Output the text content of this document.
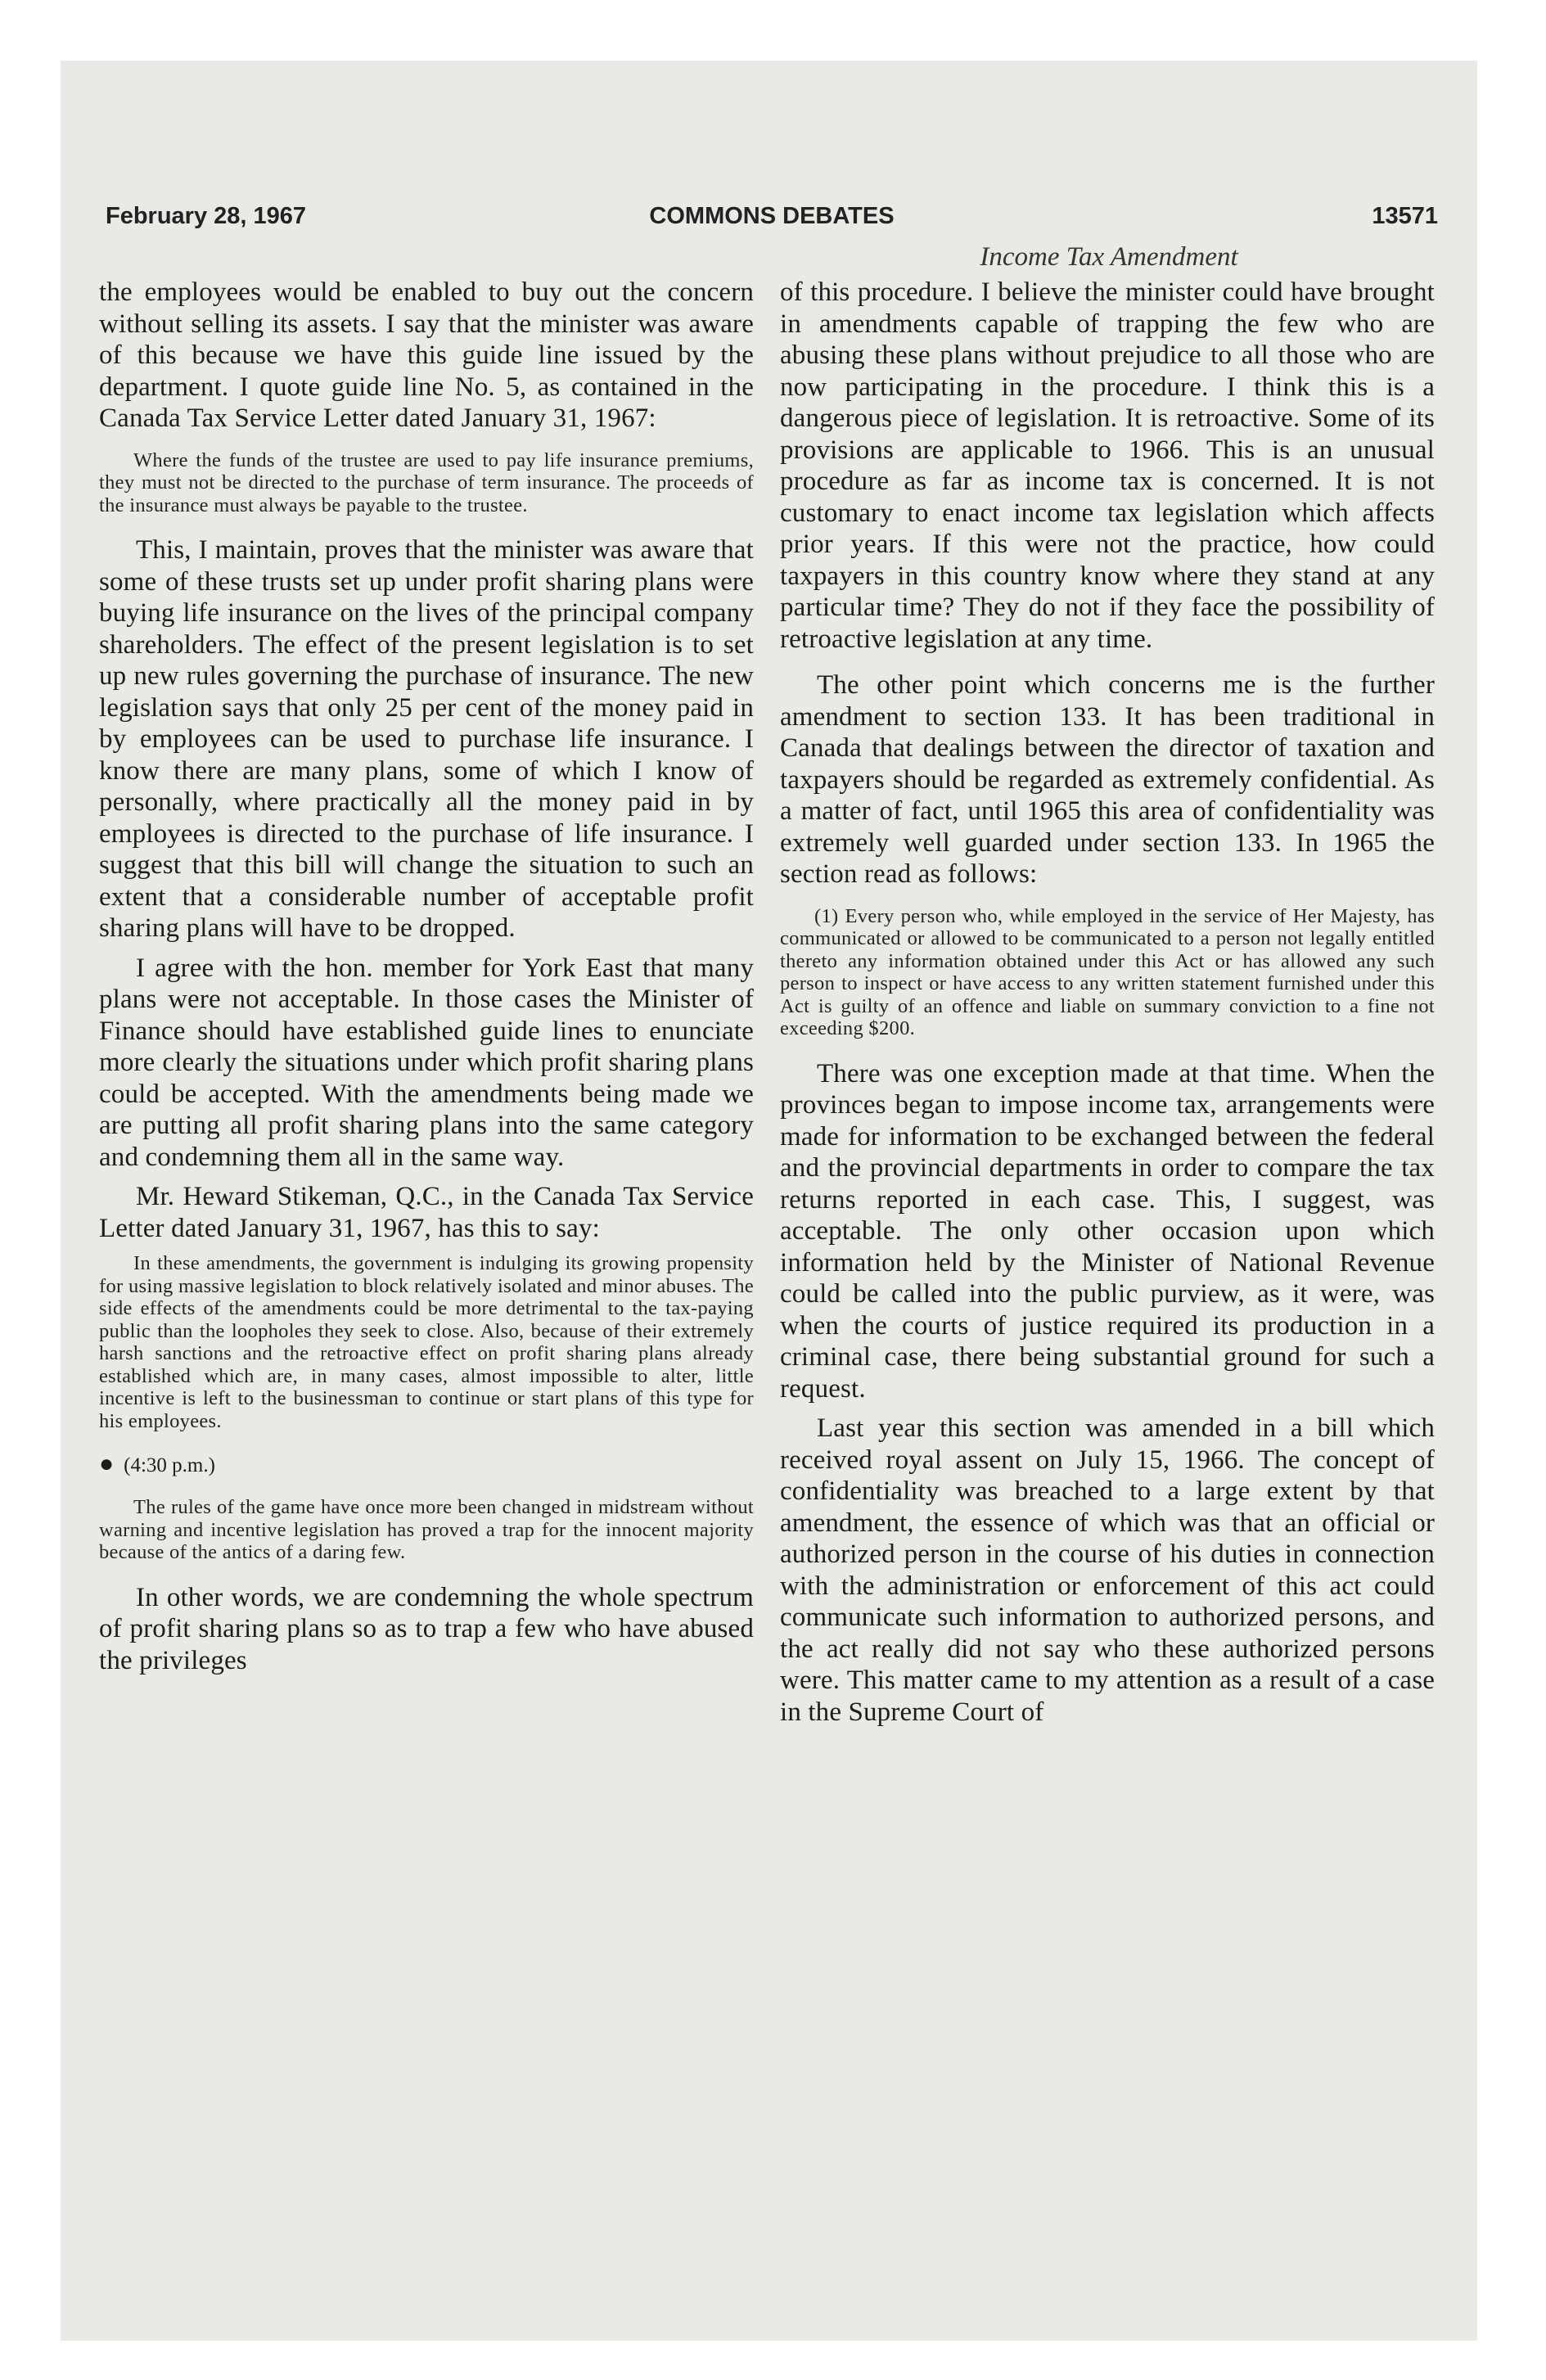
February 28, 1967	COMMONS DEBATES	13571
Income Tax Amendment

the employees would be enabled to buy out the concern without selling its assets. I say that the minister was aware of this because we have this guide line issued by the department. I quote guide line No. 5, as contained in the Canada Tax Service Letter dated January 31, 1967:

Where the funds of the trustee are used to pay life insurance premiums, they must not be directed to the purchase of term insurance. The proceeds of the insurance must always be payable to the trustee.

This, I maintain, proves that the minister was aware that some of these trusts set up under profit sharing plans were buying life insurance on the lives of the principal company shareholders. The effect of the present legislation is to set up new rules governing the purchase of insurance. The new legislation says that only 25 per cent of the money paid in by employees can be used to purchase life insurance. I know there are many plans, some of which I know of personally, where practically all the money paid in by employees is directed to the purchase of life insurance. I suggest that this bill will change the situation to such an extent that a considerable number of acceptable profit sharing plans will have to be dropped.

I agree with the hon. member for York East that many plans were not acceptable. In those cases the Minister of Finance should have established guide lines to enunciate more clearly the situations under which profit sharing plans could be accepted. With the amendments being made we are putting all profit sharing plans into the same category and condemning them all in the same way.

Mr. Heward Stikeman, Q.C., in the Canada Tax Service Letter dated January 31, 1967, has this to say:

In these amendments, the government is indulging its growing propensity for using massive legislation to block relatively isolated and minor abuses. The side effects of the amendments could be more detrimental to the tax-paying public than the loopholes they seek to close. Also, because of their extremely harsh sanctions and the retroactive effect on profit sharing plans already established which are, in many cases, almost impossible to alter, little incentive is left to the businessman to continue or start plans of this type for his employees.

● (4:30 p.m.)

The rules of the game have once more been changed in midstream without warning and incentive legislation has proved a trap for the innocent majority because of the antics of a daring few.

In other words, we are condemning the whole spectrum of profit sharing plans so as to trap a few who have abused the privileges

of this procedure. I believe the minister could have brought in amendments capable of trapping the few who are abusing these plans without prejudice to all those who are now participating in the procedure. I think this is a dangerous piece of legislation. It is retroactive. Some of its provisions are applicable to 1966. This is an unusual procedure as far as income tax is concerned. It is not customary to enact income tax legislation which affects prior years. If this were not the practice, how could taxpayers in this country know where they stand at any particular time? They do not if they face the possibility of retroactive legislation at any time.

The other point which concerns me is the further amendment to section 133. It has been traditional in Canada that dealings between the director of taxation and taxpayers should be regarded as extremely confidential. As a matter of fact, until 1965 this area of confidentiality was extremely well guarded under section 133. In 1965 the section read as follows:

(1) Every person who, while employed in the service of Her Majesty, has communicated or allowed to be communicated to a person not legally entitled thereto any information obtained under this Act or has allowed any such person to inspect or have access to any written statement furnished under this Act is guilty of an offence and liable on summary conviction to a fine not exceeding $200.

There was one exception made at that time. When the provinces began to impose income tax, arrangements were made for information to be exchanged between the federal and the provincial departments in order to compare the tax returns reported in each case. This, I suggest, was acceptable. The only other occasion upon which information held by the Minister of National Revenue could be called into the public purview, as it were, was when the courts of justice required its production in a criminal case, there being substantial ground for such a request.

Last year this section was amended in a bill which received royal assent on July 15, 1966. The concept of confidentiality was breached to a large extent by that amendment, the essence of which was that an official or authorized person in the course of his duties in connection with the administration or enforcement of this act could communicate such information to authorized persons, and the act really did not say who these authorized persons were. This matter came to my attention as a result of a case in the Supreme Court of
